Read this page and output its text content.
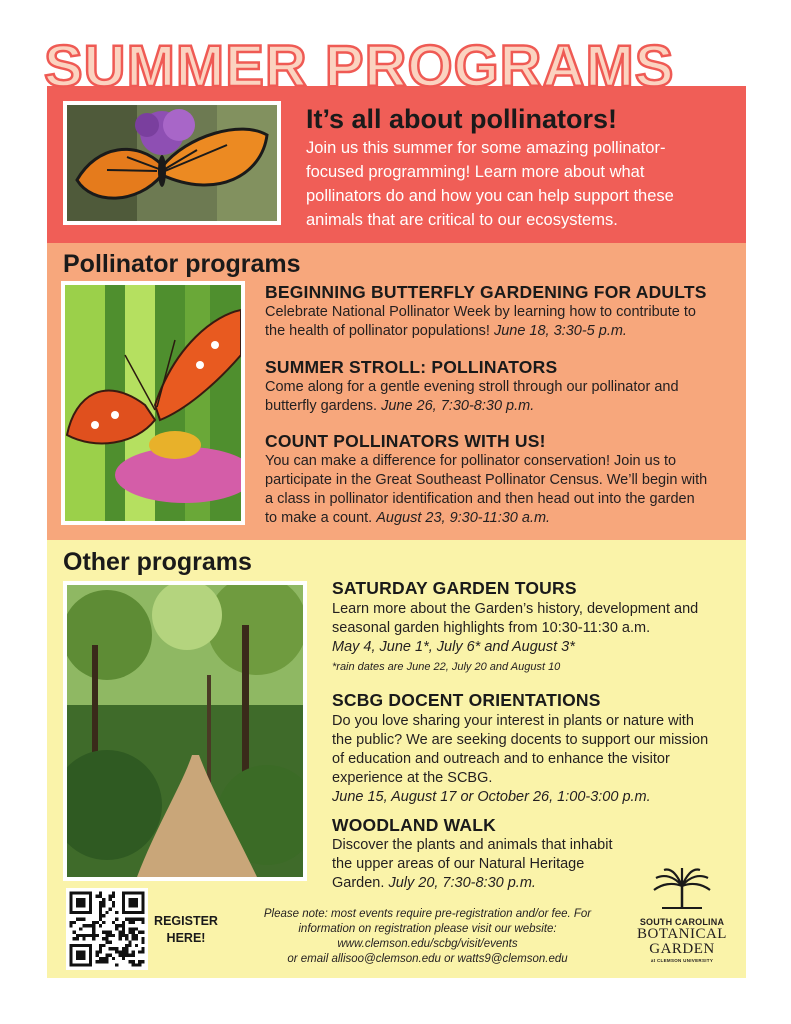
SUMMER PROGRAMS
It’s all about pollinators!
Join us this summer for some amazing pollinator-
focused programming! Learn more about what
pollinators do and how you can help support these
animals that are critical to our ecosystems.
Pollinator programs
BEGINNING BUTTERFLY GARDENING FOR ADULTS
Celebrate National Pollinator Week by learning how to contribute to
the health of pollinator populations! June 18, 3:30-5 p.m.
SUMMER STROLL: POLLINATORS
Come along for a gentle evening stroll through our pollinator and
butterfly gardens. June 26, 7:30-8:30 p.m.
COUNT POLLINATORS WITH US!
You can make a difference for pollinator conservation! Join us to
participate in the Great Southeast Pollinator Census. We’ll begin with
a class in pollinator identification and then head out into the garden
to make a count. August 23, 9:30-11:30 a.m.
Other programs
SATURDAY GARDEN TOURS
Learn more about the Garden’s history, development and
seasonal garden highlights from 10:30-11:30 a.m.
May 4, June 1*, July 6* and August 3*
*rain dates are June 22, July 20 and August 10
SCBG DOCENT ORIENTATIONS
Do you love sharing your interest in plants or nature with
the public? We are seeking docents to support our mission
of education and outreach and to enhance the visitor
experience at the SCBG.
June 15, August 17 or October 26, 1:00-3:00 p.m.
WOODLAND WALK
Discover the plants and animals that inhabit
the upper areas of our Natural Heritage
Garden. July 20, 7:30-8:30 p.m.
REGISTER
HERE!
Please note: most events require pre-registration and/or fee. For
information on registration please visit our website:
www.clemson.edu/scbg/visit/events
or email allisoo@clemson.edu or watts9@clemson.edu
SOUTH CAROLINA
BOTANICAL
GARDEN
at CLEMSON UNIVERSITY
